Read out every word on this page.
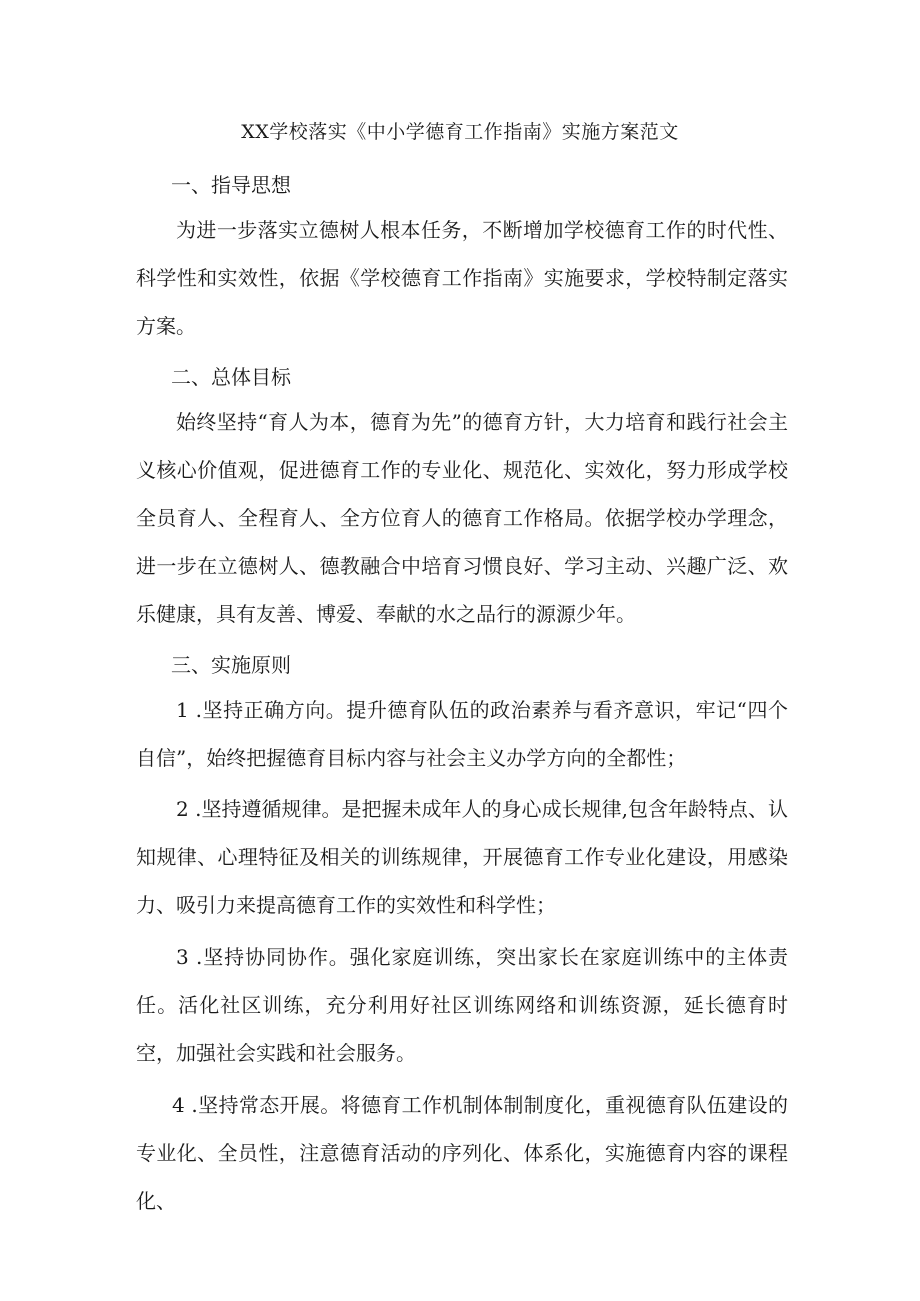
XX学校落实《中小学德育工作指南》实施方案范文
一、指导思想
为进一步落实立德树人根本任务，不断增加学校德育工作的时代性、科学性和实效性，依据《学校德育工作指南》实施要求，学校特制定落实方案。
二、总体目标
始终坚持“育人为本，德育为先”的德育方针，大力培育和践行社会主义核心价值观，促进德育工作的专业化、规范化、实效化，努力形成学校全员育人、全程育人、全方位育人的德育工作格局。依据学校办学理念，进一步在立德树人、德教融合中培育习惯良好、学习主动、兴趣广泛、欢乐健康，具有友善、博爱、奉献的水之品行的源源少年。
三、实施原则
1 .坚持正确方向。提升德育队伍的政治素养与看齐意识，牢记“四个自信”，始终把握德育目标内容与社会主义办学方向的全都性；
2 .坚持遵循规律。是把握未成年人的身心成长规律,包含年龄特点、认知规律、心理特征及相关的训练规律，开展德育工作专业化建设，用感染力、吸引力来提高德育工作的实效性和科学性；
3 .坚持协同协作。强化家庭训练，突出家长在家庭训练中的主体责任。活化社区训练，充分利用好社区训练网络和训练资源，延长德育时空，加强社会实践和社会服务。
4 .坚持常态开展。将德育工作机制体制制度化，重视德育队伍建设的专业化、全员性，注意德育活动的序列化、体系化，实施德育内容的课程化、
